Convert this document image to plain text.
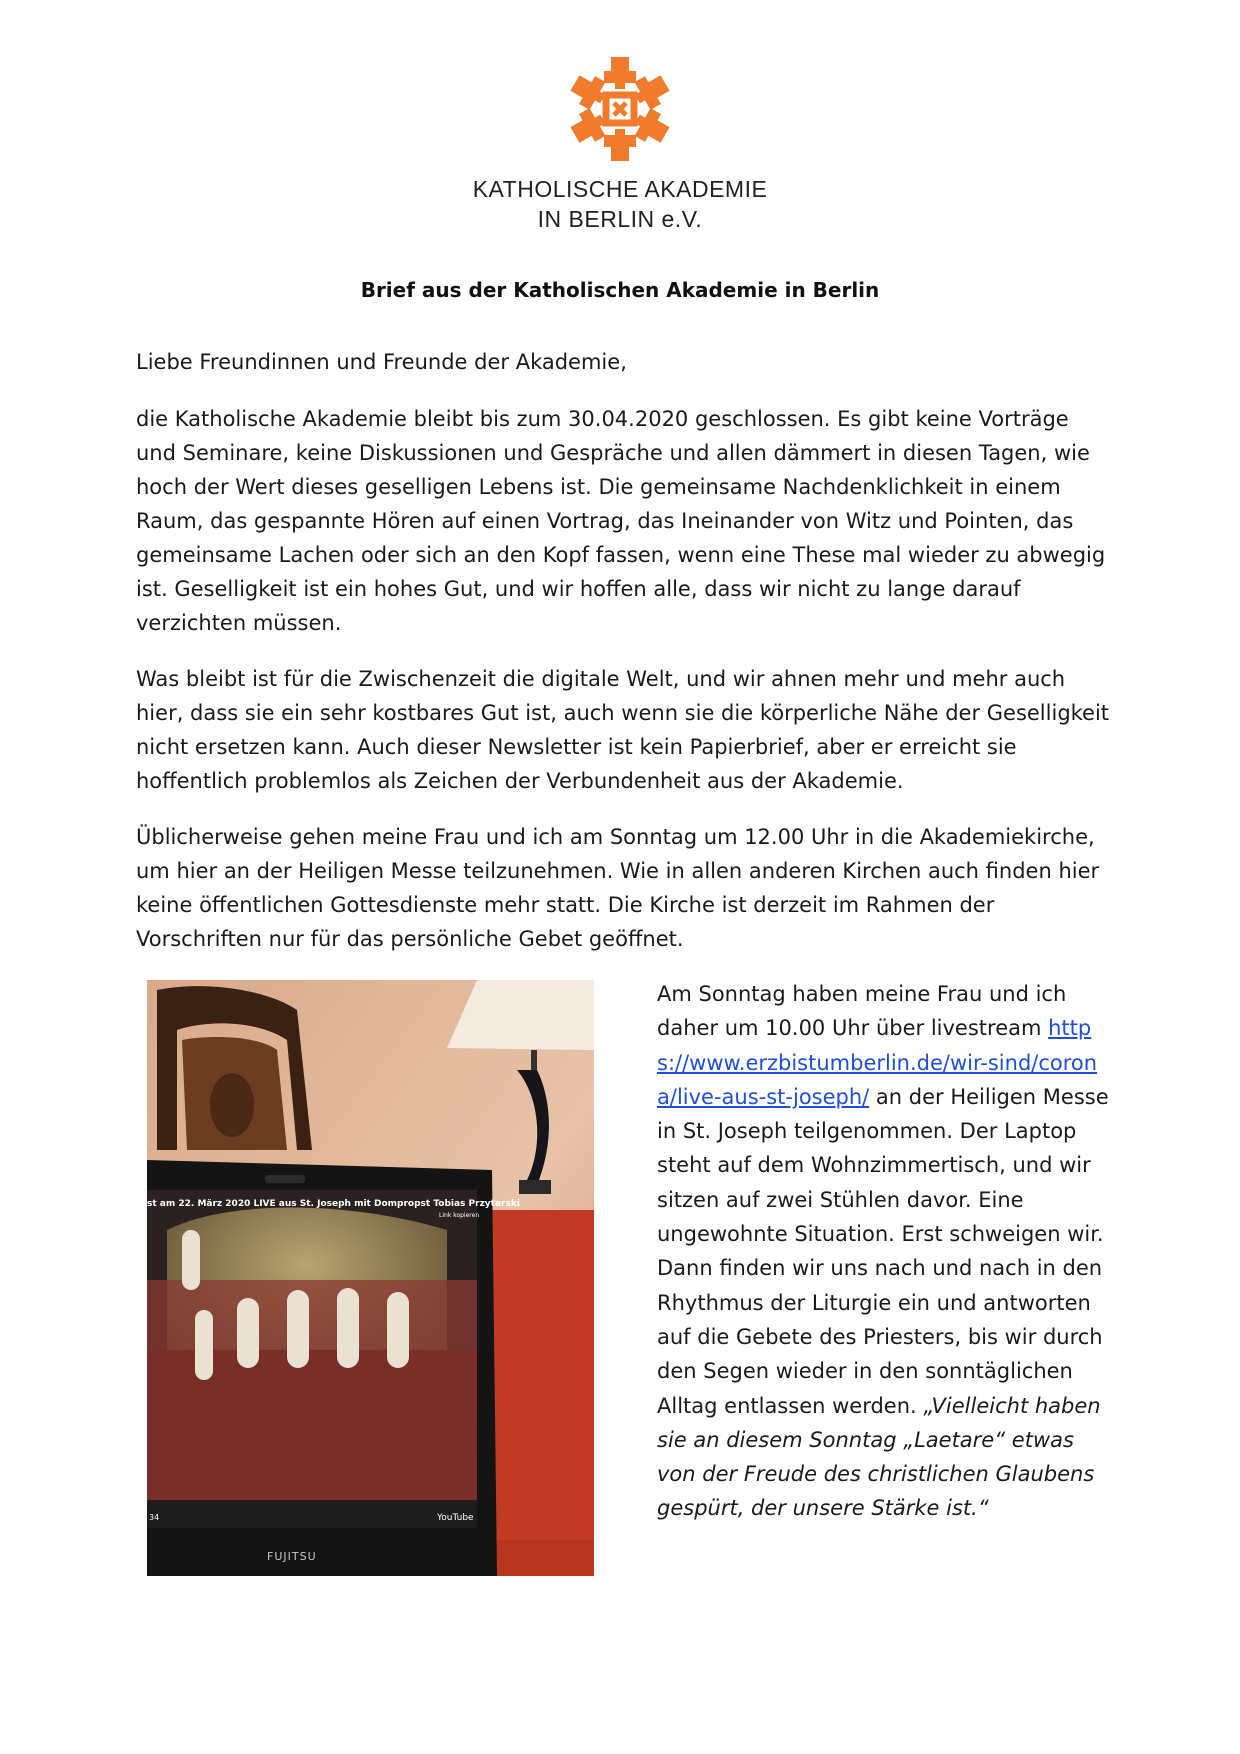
KATHOLISCHE AKADEMIE
IN BERLIN e.V.
Brief aus der Katholischen Akademie in Berlin
Liebe Freundinnen und Freunde der Akademie,
die Katholische Akademie bleibt bis zum 30.04.2020 geschlossen. Es gibt keine Vorträge und Seminare, keine Diskussionen und Gespräche und allen dämmert in diesen Tagen, wie hoch der Wert dieses geselligen Lebens ist. Die gemeinsame Nachdenklichkeit in einem Raum, das gespannte Hören auf einen Vortrag, das Ineinander von Witz und Pointen, das gemeinsame Lachen oder sich an den Kopf fassen, wenn eine These mal wieder zu abwegig ist. Geselligkeit ist ein hohes Gut, und wir hoffen alle, dass wir nicht zu lange darauf verzichten müssen.
Was bleibt ist für die Zwischenzeit die digitale Welt, und wir ahnen mehr und mehr auch hier, dass sie ein sehr kostbares Gut ist, auch wenn sie die körperliche Nähe der Geselligkeit nicht ersetzen kann. Auch dieser Newsletter ist kein Papierbrief, aber er erreicht sie hoffentlich problemlos als Zeichen der Verbundenheit aus der Akademie.
Üblicherweise gehen meine Frau und ich am Sonntag um 12.00 Uhr in die Akademiekirche, um hier an der Heiligen Messe teilzunehmen. Wie in allen anderen Kirchen auch finden hier keine öffentlichen Gottesdienste mehr statt. Die Kirche ist derzeit im Rahmen der Vorschriften nur für das persönliche Gebet geöffnet.
st am 22. März 2020 LIVE aus St. Joseph mit Dompropst Tobias Przytarski
Link kopieren
34	YouTube
FUJITSU
Am Sonntag haben meine Frau und ich daher um 10.00 Uhr über livestream https://www.erzbistumberlin.de/wir-sind/corona/live-aus-st-joseph/ an der Heiligen Messe in St. Joseph teilgenommen. Der Laptop steht auf dem Wohnzimmertisch, und wir sitzen auf zwei Stühlen davor. Eine ungewohnte Situation. Erst schweigen wir. Dann finden wir uns nach und nach in den Rhythmus der Liturgie ein und antworten auf die Gebete des Priesters, bis wir durch den Segen wieder in den sonntäglichen Alltag entlassen werden. „Vielleicht haben sie an diesem Sonntag „Laetare“ etwas von der Freude des christlichen Glaubens gespürt, der unsere Stärke ist.“
